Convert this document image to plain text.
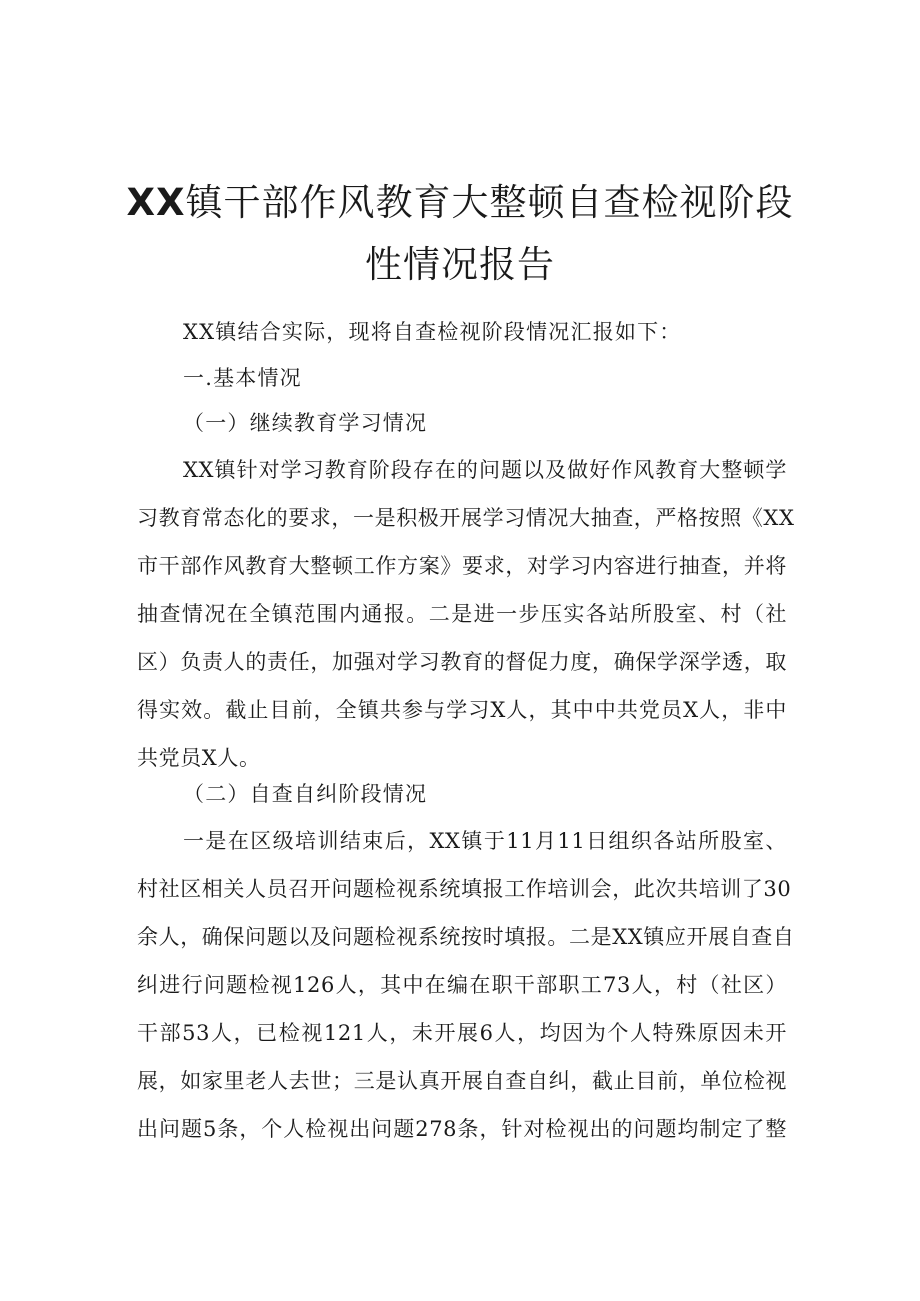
XX镇干部作风教育大整顿自查检视阶段
性情况报告

XX镇结合实际，现将自查检视阶段情况汇报如下：

一.基本情况

（一）继续教育学习情况

XX镇针对学习教育阶段存在的问题以及做好作风教育大整顿学
习教育常态化的要求，一是积极开展学习情况大抽查，严格按照《XX
市干部作风教育大整顿工作方案》要求，对学习内容进行抽查，并将
抽查情况在全镇范围内通报。二是进一步压实各站所股室、村（社
区）负责人的责任，加强对学习教育的督促力度，确保学深学透，取
得实效。截止目前，全镇共参与学习X人，其中中共党员X人，非中
共党员X人。

（二）自查自纠阶段情况

一是在区级培训结束后，XX镇于11月11日组织各站所股室、
村社区相关人员召开问题检视系统填报工作培训会，此次共培训了30
余人，确保问题以及问题检视系统按时填报。二是XX镇应开展自查自
纠进行问题检视126人，其中在编在职干部职工73人，村（社区）
干部53人，已检视121人，未开展6人，均因为个人特殊原因未开
展，如家里老人去世；三是认真开展自查自纠，截止目前，单位检视
出问题5条，个人检视出问题278条，针对检视出的问题均制定了整
